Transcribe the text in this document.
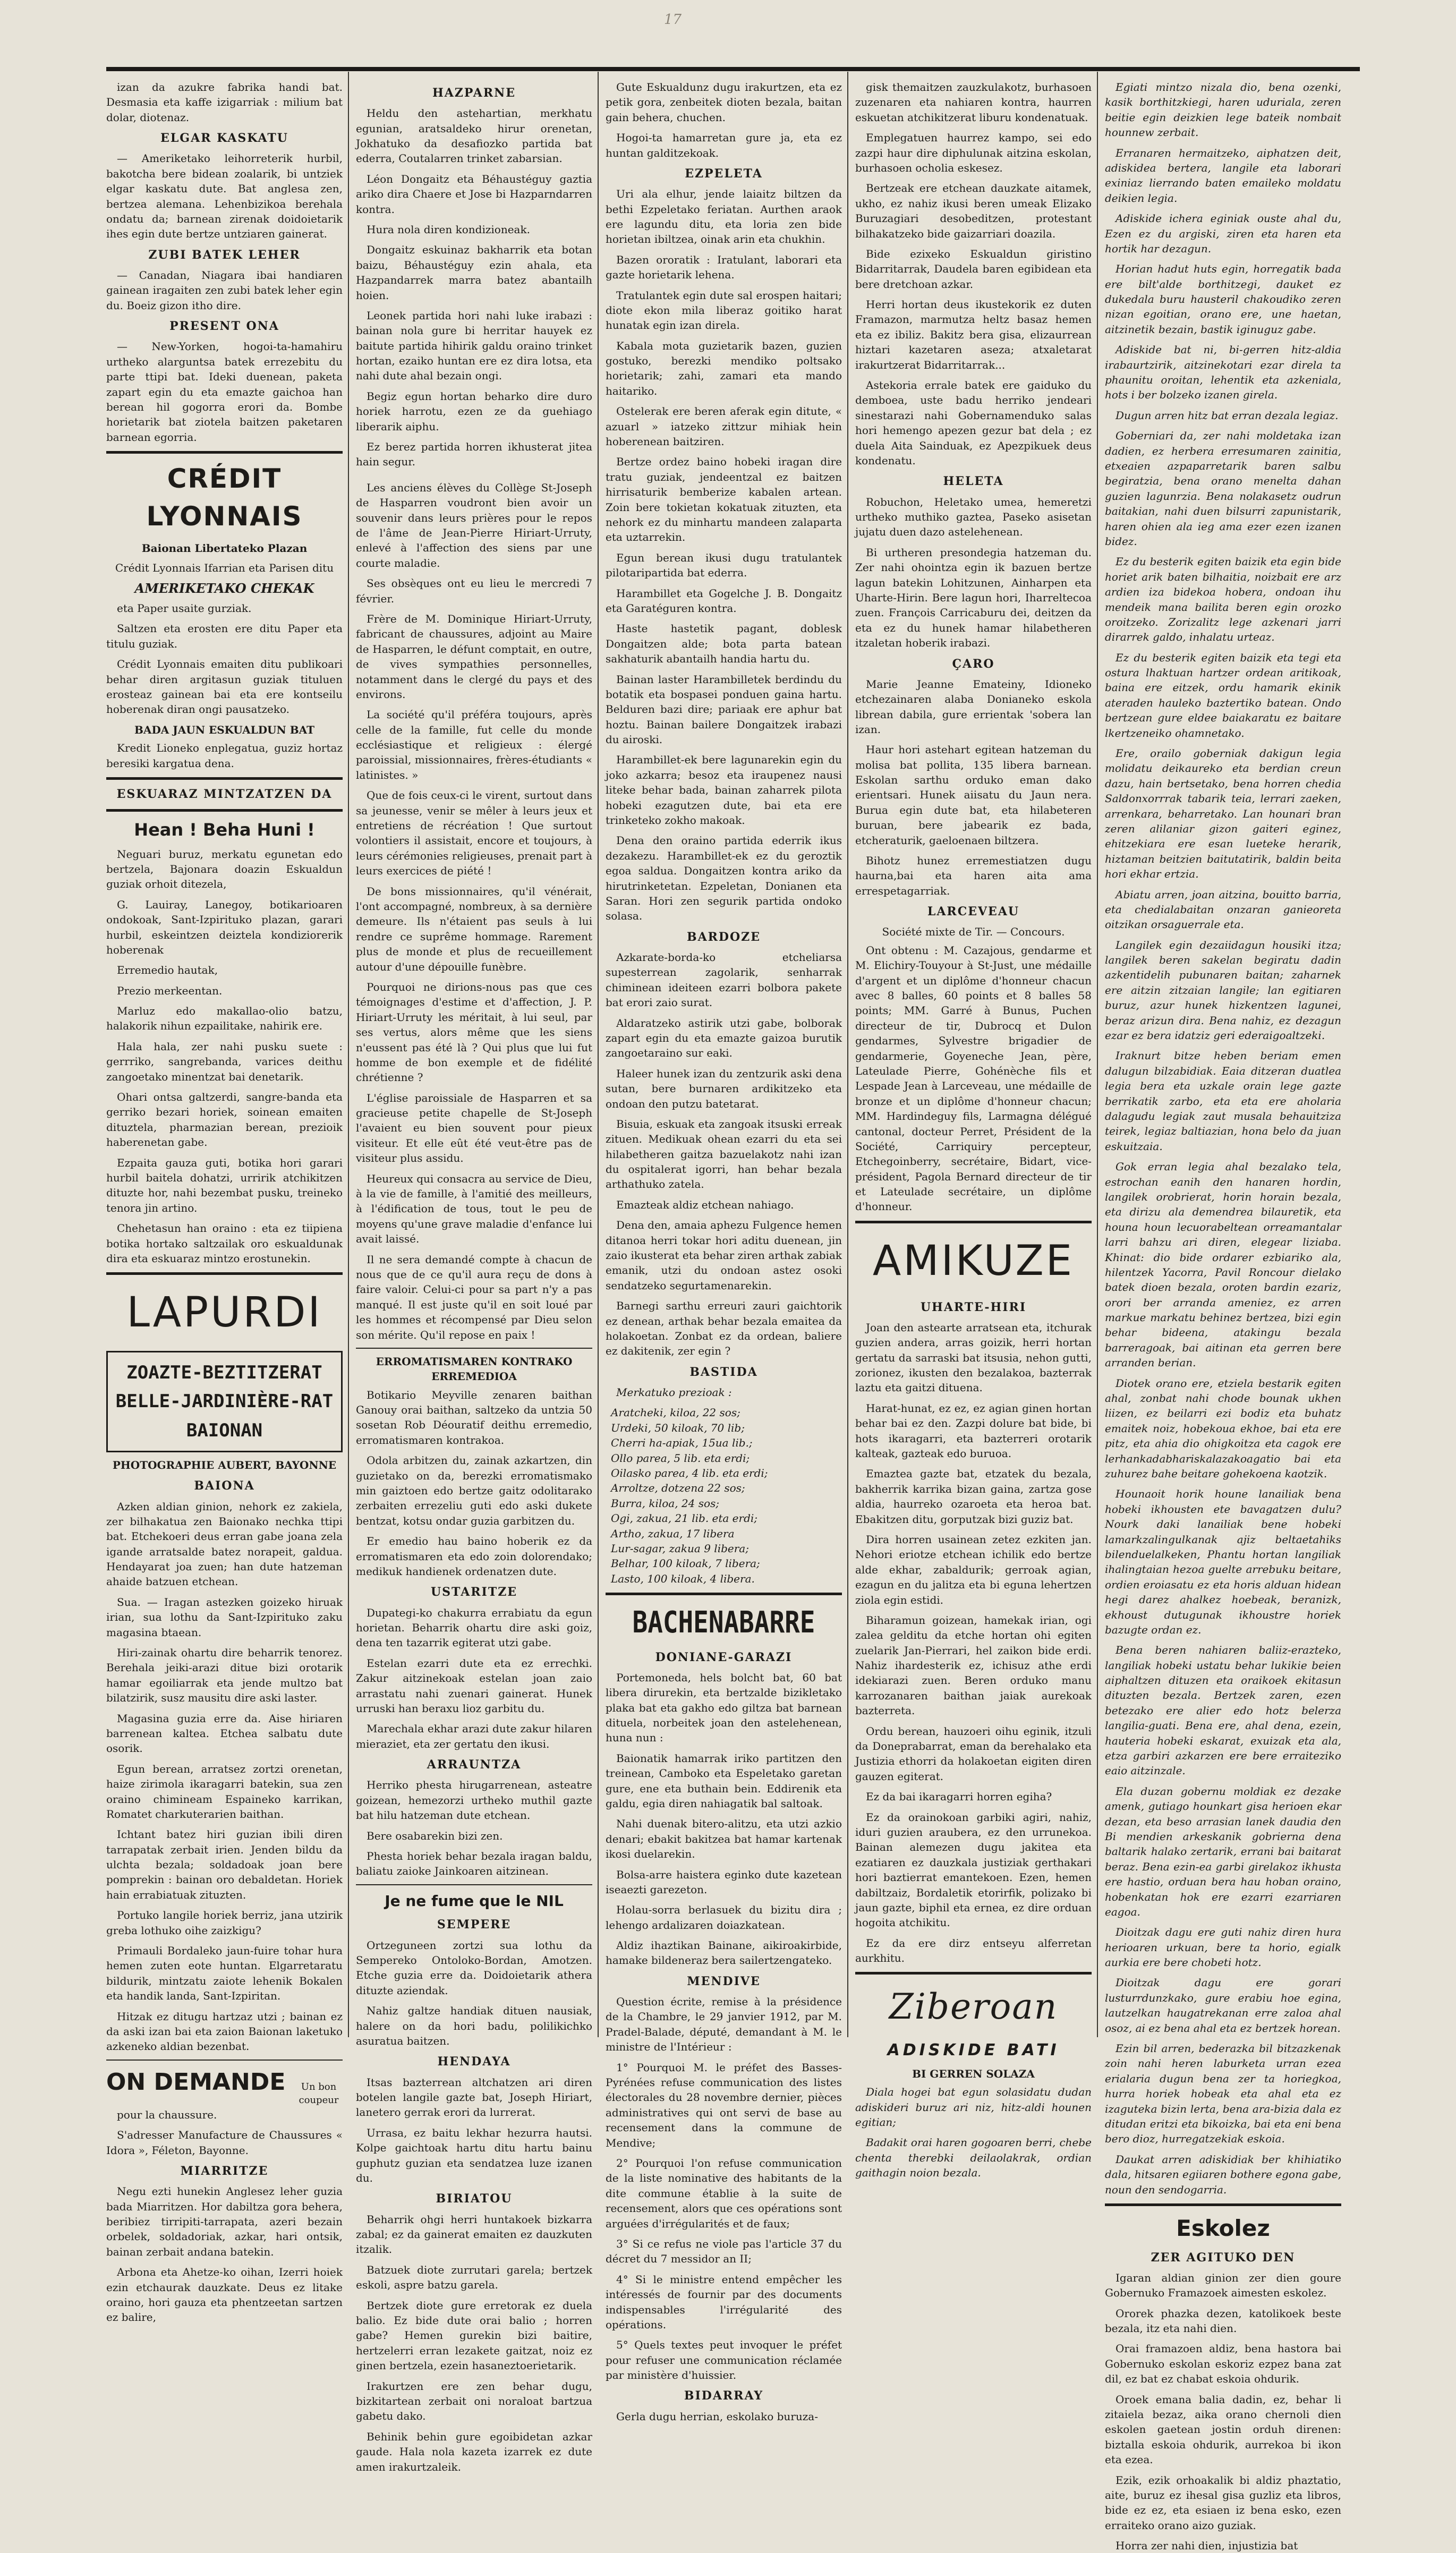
17

izan da azukre fabrika handi bat. Desmasia eta kaffe izigarriak : milium bat dolar, diotenaz.

ELGAR KASKATU

— Ameriketako leihorreterik hurbil, bakotcha bere bidean zoalarik, bi untziek elgar kaskatu dute. Bat anglesa zen, bertzea alemana. Lehenbizikoa berehala ondatu da; barnean zirenak doidoietarik ihes egin dute bertze untziaren gainerat.

ZUBI BATEK LEHER

— Canadan, Niagara ibai handiaren gainean iragaiten zen zubi batek leher egin du. Boeiz gizon itho dire.

PRESENT ONA

— New-Yorken, hogoi-ta-hamahiru urtheko alarguntsa batek errezebitu du parte ttipi bat. Ideki duenean, paketa zapart egin du eta emazte gaichoa han berean hil gogorra erori da. Bombe horietarik bat ziotela baitzen paketaren barnean egorria.

CRÉDIT LYONNAIS
Baionan Libertateko Plazan
Crédit Lyonnais Ifarrian eta Parisen ditu
AMERIKETAKO CHEKAK

eta Paper usaite gurziak.

Saltzen eta erosten ere ditu Paper eta titulu guziak.

Crédit Lyonnais emaiten ditu publikoari behar diren argitasun guziak tituluen erosteaz gainean bai eta ere kontseilu hoberenak diran ongi pausatzeko.

BADA JAUN ESKUALDUN BAT

Kredit Lioneko enplegatua, guziz hortaz beresiki kargatua dena.

ESKUARAZ MINTZATZEN DA
Hean ! Beha Huni !

Neguari buruz, merkatu egunetan edo bertzela, Bajonara doazin Eskualdun guziak orhoit ditezela,

G. Lauiray, Lanegoy, botikarioaren ondokoak, Sant-Izpirituko plazan, garari hurbil, eskeintzen deiztela kondiziorerik hoberenak

Erremedio hautak,

Prezio merkeentan.

Marluz edo makallao-olio batzu, halakorik nihun ezpailitake, nahirik ere.

Hala hala, zer nahi pusku suete : gerrriko, sangrebanda, varices deithu zangoetako minentzat bai denetarik.

Ohari ontsa galtzerdi, sangre-banda eta gerriko bezari horiek, soinean emaiten dituztela, pharmazian berean, prezioik haberenetan gabe.

Ezpaita gauza guti, botika hori garari hurbil baitela dohatzi, urririk atchikitzen dituzte hor, nahi bezembat pusku, treineko tenora jin artino.

Chehetasun han oraino : eta ez tiipiena botika hortako saltzailak oro eskualdunak dira eta eskuaraz mintzo erostunekin.

LAPURDI
ZOAZTE-BEZTITZERAT
BELLE-JARDINIÈRE-RAT
BAIONAN
PHOTOGRAPHIE AUBERT, BAYONNE
BAIONA

Azken aldian ginion, nehork ez zakiela, zer bilhakatua zen Baionako nechka ttipi bat. Etchekoeri deus erran gabe joana zela igande arratsalde batez norapeit, galdua. Hendayarat joa zuen; han dute hatzeman ahaide batzuen etchean.

Sua. — Iragan astezken goizeko hiruak irian, sua lothu da Sant-Izpirituko zaku magasina btaean.

Hiri-zainak ohartu dire beharrik tenorez. Berehala jeiki-arazi ditue bizi orotarik hamar egoiliarrak eta jende multzo bat bilatzirik, susz mausitu dire aski laster.

Magasina guzia erre da. Aise hiriaren barrenean kaltea. Etchea salbatu dute osorik.

Egun berean, arratsez zortzi orenetan, haize zirimola ikaragarri batekin, sua zen oraino chimineam Espaineko karrikan, Romatet charkuterarien baithan.

Ichtant batez hiri guzian ibili diren tarrapatak zerbait irien. Jenden bildu da ulchta bezala; soldadoak joan bere pomprekin : bainan oro debaldetan. Horiek hain errabiatuak zituzten.

Portuko langile horiek berriz, jana utzirik greba lothuko oihe zaizkigu?

Primauli Bordaleko jaun-fuire tohar hura hemen zuten eote huntan. Elgarretaratu bildurik, mintzatu zaiote lehenik Bokalen eta handik landa, Sant-Izpiritan.

Hitzak ez ditugu hartzaz utzi ; bainan ez da aski izan bai eta zaion Baionan laketuko azkeneko aldian bezenbat.

ON DEMANDE	Un bon coupeur

pour la chaussure.

S'adresser Manufacture de Chaussures « Idora », Féleton, Bayonne.

MIARRITZE

Negu ezti hunekin Anglesez leher guzia bada Miarritzen. Hor dabiltza gora behera, beribiez tirripiti-tarrapata, azeri bezain orbelek, soldadoriak, azkar, hari ontsik, bainan zerbait andana batekin.

Arbona eta Ahetze-ko oihan, Izerri hoiek ezin etchaurak dauzkate. Deus ez litake oraino, hori gauza eta phentzeetan sartzen ez balire,

HAZPARNE

Heldu den astehartian, merkhatu egunian, aratsaldeko hirur orenetan, Jokhatuko da desafiozko partida bat ederra, Coutalarren trinket zabarsian.

Léon Dongaitz eta Béhaustéguy gaztia ariko dira Chaere et Jose bi Hazparndarren kontra.

Hura nola diren kondizioneak.

Dongaitz eskuinaz bakharrik eta botan baizu, Béhaustéguy ezin ahala, eta Hazpandarrek marra batez abantailh hoien.

Leonek partida hori nahi luke irabazi : bainan nola gure bi herritar hauyek ez baitute partida hihirik galdu oraino trinket hortan, ezaiko huntan ere ez dira lotsa, eta nahi dute ahal bezain ongi.

Begiz egun hortan beharko dire duro horiek harrotu, ezen ze da guehiago liberarik aiphu.

Ez berez partida horren ikhusterat jitea hain segur.

Les anciens élèves du Collège St-Joseph de Hasparren voudront bien avoir un souvenir dans leurs prières pour le repos de l'âme de Jean-Pierre Hiriart-Urruty, enlevé à l'affection des siens par une courte maladie.

Ses obsèques ont eu lieu le mercredi 7 février.

Frère de M. Dominique Hiriart-Urruty, fabricant de chaussures, adjoint au Maire de Hasparren, le défunt comptait, en outre, de vives sympathies personnelles, notamment dans le clergé du pays et des environs.

La société qu'il préféra toujours, après celle de la famille, fut celle du monde ecclésiastique et religieux : élergé paroissial, missionnaires, frères-étudiants « latinistes. »

Que de fois ceux-ci le virent, surtout dans sa jeunesse, venir se mêler à leurs jeux et entretiens de récréation ! Que surtout volontiers il assistait, encore et toujours, à leurs cérémonies religieuses, prenait part à leurs exercices de piété !

De bons missionnaires, qu'il vénérait, l'ont accompagné, nombreux, à sa dernière demeure. Ils n'étaient pas seuls à lui rendre ce suprême hommage. Rarement plus de monde et plus de recueillement autour d'une dépouille funèbre.

Pourquoi ne dirions-nous pas que ces témoignages d'estime et d'affection, J. P. Hiriart-Urruty les méritait, à lui seul, par ses vertus, alors même que les siens n'eussent pas été là ? Qui plus que lui fut homme de bon exemple et de fidélité chrétienne ?

L'église paroissiale de Hasparren et sa gracieuse petite chapelle de St-Joseph l'avaient eu bien souvent pour pieux visiteur. Et elle eût été veut-être pas de visiteur plus assidu.

Heureux qui consacra au service de Dieu, à la vie de famille, à l'amitié des meilleurs, à l'édification de tous, tout le peu de moyens qu'une grave maladie d'enfance lui avait laissé.

Il ne sera demandé compte à chacun de nous que de ce qu'il aura reçu de dons à faire valoir. Celui-ci pour sa part n'y a pas manqué. Il est juste qu'il en soit loué par les hommes et récompensé par Dieu selon son mérite. Qu'il repose en paix !

ERROMATISMAREN KONTRAKO ERREMEDIOA

Botikario Meyville zenaren baithan Ganouy orai baithan, saltzeko da untzia 50 sosetan Rob Déouratif deithu erremedio, erromatismaren kontrakoa.

Odola arbitzen du, zainak azkartzen, din guzietako on da, berezki erromatismako min gaiztoen edo bertze gaitz odolitarako zerbaiten errezeliu guti edo aski dukete bentzat, kotsu ondar guzia garbitzen du.

Er emedio hau baino hoberik ez da erromatismaren eta edo zoin dolorendako; medikuk handienek ordenatzen dute.

USTARITZE

Dupategi-ko chakurra errabiatu da egun horietan. Beharrik ohartu dire aski goiz, dena ten tazarrik egiterat utzi gabe.

Estelan ezarri dute eta ez errechki. Zakur aitzinekoak estelan joan zaio arrastatu nahi zuenari gainerat. Hunek urruski han beraxu lioz garbitu du.

Marechala ekhar arazi dute zakur hilaren mieraziet, eta zer gertatu den ikusi.

ARRAUNTZA

Herriko phesta hirugarrenean, asteatre goizean, hemezorzi urtheko muthil gazte bat hilu hatzeman dute etchean.

Bere osabarekin bizi zen.

Phesta horiek behar bezala iragan baldu, baliatu zaioke Jainkoaren aitzinean.

Je ne fume que le NIL
SEMPERE

Ortzeguneen zortzi sua lothu da Sempereko Ontoloko-Bordan, Amotzen. Etche guzia erre da. Doidoietarik athera dituzte aziendak.

Nahiz galtze handiak dituen nausiak, halere on da hori badu, polilikichko asuratua baitzen.

HENDAYA

Itsas bazterrean altchatzen ari diren botelen langile gazte bat, Joseph Hiriart, lanetero gerrak erori da lurrerat.

Urrasa, ez baitu lekhar hezurra hautsi. Kolpe gaichtoak hartu ditu hartu bainu guphutz guzian eta sendatzea luze izanen du.

BIRIATOU

Beharrik ohgi herri huntakoek bizkarra zabal; ez da gainerat emaiten ez dauzkuten itzalik.

Batzuek diote zurrutari garela; bertzek eskoli, aspre batzu garela.

Bertzek diote gure erretorak ez duela balio. Ez bide dute orai balio ; horren gabe? Hemen gurekin bizi baitire, hertzelerri erran lezakete gaitzat, noiz ez ginen bertzela, ezein hasaneztoerietarik.

Irakurtzen ere zen behar dugu, bizkitartean zerbait oni noraloat bartzua gabetu dako.

Behinik behin gure egoibidetan azkar gaude. Hala nola kazeta izarrek ez dute amen irakurtzaleik.

Gute Eskualdunz dugu irakurtzen, eta ez petik gora, zenbeitek dioten bezala, baitan gain behera, chuchen.

Hogoi-ta hamarretan gure ja, eta ez huntan galditzekoak.

EZPELETA

Uri ala elhur, jende laiaitz biltzen da bethi Ezpeletako feriatan. Aurthen araok ere lagundu ditu, eta loria zen bide horietan ibiltzea, oinak arin eta chukhin.

Bazen ororatik : Iratulant, laborari eta gazte horietarik lehena.

Tratulantek egin dute sal erospen haitari; diote ekon mila liberaz goitiko harat hunatak egin izan direla.

Kabala mota guzietarik bazen, guzien gostuko, berezki mendiko poltsako horietarik; zahi, zamari eta mando haitariko.

Ostelerak ere beren aferak egin ditute, « azuarl » iatzeko zittzur mihiak hein hoberenean baitziren.

Bertze ordez baino hobeki iragan dire tratu guziak, jendeentzal ez baitzen hirrisaturik bemberize kabalen artean. Zoin bere tokietan kokatuak zituzten, eta nehork ez du minhartu mandeen zalaparta eta uztarrekin.

Egun berean ikusi dugu tratulantek pilotaripartida bat ederra.

Harambillet eta Gogelche J. B. Dongaitz eta Garatéguren kontra.

Haste hastetik pagant, doblesk Dongaitzen alde; bota parta batean sakhaturik abantailh handia hartu du.

Bainan laster Harambilletek berdindu du botatik eta bospasei ponduen gaina hartu. Belduren bazi dire; pariaak ere aphur bat hoztu. Bainan bailere Dongaitzek irabazi du airoski.

Harambillet-ek bere lagunarekin egin du joko azkarra; besoz eta iraupenez nausi liteke behar bada, bainan zaharrek pilota hobeki ezagutzen dute, bai eta ere trinketeko zokho makoak.

Dena den oraino partida ederrik ikus dezakezu. Harambillet-ek ez du geroztik egoa saldua. Dongaitzen kontra ariko da hirutrinketetan. Ezpeletan, Donianen eta Saran. Hori zen segurik partida ondoko solasa.

BARDOZE

Azkarate-borda-ko etcheliarsa supesterrean zagolarik, senharrak chiminean ideiteen ezarri bolbora pakete bat erori zaio surat.

Aldaratzeko astirik utzi gabe, bolborak zapart egin du eta emazte gaizoa burutik zangoetaraino sur eaki.

Haleer hunek izan du zentzurik aski dena sutan, bere burnaren ardikitzeko eta ondoan den putzu batetarat.

Bisuia, eskuak eta zangoak itsuski erreak zituen. Medikuak ohean ezarri du eta sei hilabetheren gaitza bazuelakotz nahi izan du ospitalerat igorri, han behar bezala arthathuko zatela.

Emazteak aldiz etchean nahiago.

Dena den, amaia aphezu Fulgence hemen ditanoa herri tokar hori aditu duenean, jin zaio ikusterat eta behar ziren arthak zabiak emanik, utzi du ondoan astez osoki sendatzeko segurtamenarekin.

Barnegi sarthu erreuri zauri gaichtorik ez denean, arthak behar bezala emaitea da holakoetan. Zonbat ez da ordean, baliere ez dakitenik, zer egin ?

BASTIDA

Merkatuko prezioak :

Aratcheki, kiloa, 22 sos;
Urdeki, 50 kiloak, 70 lib;
Cherri ha-apiak, 15ua lib.;
Ollo parea, 5 lib. eta erdi;
Oilasko parea, 4 lib. eta erdi;
Arroltze, dotzena 22 sos;
Burra, kiloa, 24 sos;
Ogi, zakua, 21 lib. eta erdi;
Artho, zakua, 17 libera
Lur-sagar, zakua 9 libera;
Belhar, 100 kiloak, 7 libera;
Lasto, 100 kiloak, 4 libera.
BACHENABARRE
DONIANE-GARAZI

Portemoneda, hels bolcht bat, 60 bat libera dirurekin, eta bertzalde bizikletako plaka bat eta gakho edo giltza bat barnean dituela, norbeitek joan den astelehenean, huna nun :

Baionatik hamarrak iriko partitzen den treinean, Camboko eta Espeletako garetan gure, ene eta buthain bein. Eddirenik eta galdu, egia diren nahiagatik bal saltoak.

Nahi duenak bitero-alitzu, eta utzi azkio denari; ebakit bakitzea bat hamar kartenak ikosi duelarekin.

Bolsa-arre haistera eginko dute kazetean iseaezti garezeton.

Holau-sorra berlasuek du bizitu dira ; lehengo ardalizaren doiazkatean.

Aldiz ihaztikan Bainane, aikiroakirbide, hamake bildeneraz bera sailertzengateko.

MENDIVE

Question écrite, remise à la présidence de la Chambre, le 29 janvier 1912, par M. Pradel-Balade, député, demandant à M. le ministre de l'Intérieur :

1° Pourquoi M. le préfet des Basses-Pyrénées refuse communication des listes électorales du 28 novembre dernier, pièces administratives qui ont servi de base au recensement dans la commune de Mendive;

2° Pourquoi l'on refuse communication de la liste nominative des habitants de la dite commune établie à la suite de recensement, alors que ces opérations sont arguées d'irrégularités et de faux;

3° Si ce refus ne viole pas l'article 37 du décret du 7 messidor an II;

4° Si le ministre entend empêcher les intéressés de fournir par des documents indispensables l'irrégularité des opérations.

5° Quels textes peut invoquer le préfet pour refuser une communication réclamée par ministère d'huissier.

BIDARRAY

Gerla dugu herrian, eskolako buruza-

gisk themaitzen zauzkulakotz, burhasoen zuzenaren eta nahiaren kontra, haurren eskuetan atchikitzerat liburu kondenatuak.

Emplegatuen haurrez kampo, sei edo zazpi haur dire diphulunak aitzina eskolan, burhasoen ocholia eskesez.

Bertzeak ere etchean dauzkate aitamek, ukho, ez nahiz ikusi beren umeak Elizako Buruzagiari desobeditzen, protestant bilhakatzeko bide gaizarriari doazila.

Bide ezixeko Eskualdun giristino Bidarritarrak, Daudela baren egibidean eta bere dretchoan azkar.

Herri hortan deus ikustekorik ez duten Framazon, marmutza heltz basaz hemen eta ez ibiliz. Bakitz bera gisa, elizaurrean hiztari kazetaren aseza; atxaletarat irakurtzerat Bidarritarrak...

Astekoria errale batek ere gaiduko du demboea, uste badu herriko jendeari sinestarazi nahi Gobernamenduko salas hori hemengo apezen gezur bat dela ; ez duela Aita Sainduak, ez Apezpikuek deus kondenatu.

HELETA

Robuchon, Heletako umea, hemeretzi urtheko muthiko gaztea, Paseko asisetan jujatu duen dazo astelehenean.

Bi urtheren presondegia hatzeman du. Zer nahi ohointza egin ik bazuen bertze lagun batekin Lohitzunen, Ainharpen eta Uharte-Hirin. Bere lagun hori, Iharreltecoa zuen. François Carricaburu dei, deitzen da eta ez du hunek hamar hilabetheren itzaletan hoberik irabazi.

ÇARO

Marie Jeanne Emateiny, Idioneko etchezainaren alaba Donianeko eskola librean dabila, gure errientak 'sobera lan izan.

Haur hori astehart egitean hatzeman du molisa bat pollita, 135 libera barnean. Eskolan sarthu orduko eman dako erientsari. Hunek aiisatu du Jaun nera. Burua egin dute bat, eta hilabeteren buruan, bere jabearik ez bada, etcheraturik, gaeloenaen biltzera.

Bihotz hunez erremestiatzen dugu haurna,bai eta haren aita ama errespetagarriak.

LARCEVEAU
Société mixte de Tir. — Concours.

Ont obtenu : M. Cazajous, gendarme et M. Elichiry-Touyour à St-Just, une médaille d'argent et un diplôme d'honneur chacun avec 8 balles, 60 points et 8 balles 58 points; MM. Garré à Bunus, Puchen directeur de tir, Dubrocq et Dulon gendarmes, Sylvestre brigadier de gendarmerie, Goyeneche Jean, père, Lateulade Pierre, Gohénèche fils et Lespade Jean à Larceveau, une médaille de bronze et un diplôme d'honneur chacun; MM. Hardindeguy fils, Larmagna délégué cantonal, docteur Perret, Président de la Société, Carriquiry percepteur, Etchegoinberry, secrétaire, Bidart, vice-président, Pagola Bernard directeur de tir et Lateulade secrétaire, un diplôme d'honneur.

AMIKUZE
UHARTE-HIRI

Joan den astearte arratsean eta, itchurak guzien andera, arras goizik, herri hortan gertatu da sarraski bat itsusia, nehon gutti, zorionez, ikusten den bezalakoa, bazterrak laztu eta gaitzi dituena.

Harat-hunat, ez ez, ez agian ginen hortan behar bai ez den. Zazpi dolure bat bide, bi hots ikaragarri, eta bazterreri orotarik kalteak, gazteak edo buruoa.

Emaztea gazte bat, etzatek du bezala, bakherrik karrika bizan gaina, zartza gose aldia, haurreko ozaroeta eta heroa bat. Ebakitzen ditu, gorputzak bizi guziz bat.

Dira horren usainean zetez ezkiten jan. Nehori eriotze etchean ichilik edo bertze alde ekhar, zabaldurik; gerroak agian, ezagun en du jalitza eta bi eguna lehertzen ziola egin estidi.

Biharamun goizean, hamekak irian, ogi zalea gelditu da etche hortan ohi egiten zuelarik Jan-Pierrari, hel zaikon bide erdi. Nahiz ihardesterik ez, ichisuz athe erdi idekiarazi zuen. Beren orduko manu karrozanaren baithan jaiak aurekoak bazterreta.

Ordu berean, hauzoeri oihu eginik, itzuli da Doneprabarrat, eman da berehalako eta Justizia ethorri da holakoetan eigiten diren gauzen egiterat.

Ez da bai ikaragarri horren egiha?

Ez da orainokoan garbiki agiri, nahiz, iduri guzien araubera, ez den urrunekoa. Bainan alemezen dugu jakitea eta ezatiaren ez dauzkala justiziak gerthakari hori baztierrat emantekoen. Ezen, hemen dabiltzaiz, Bordaletik etorirfik, polizako bi jaun gazte, biphil eta ernea, ez dire orduan hogoita atchikitu.

Ez da ere dirz entseyu alferretan aurkhitu.

Ziberoan
ADISKIDE BATI
BI GERREN SOLAZA

Diala hogei bat egun solasidatu dudan adiskideri buruz ari niz, hitz-aldi hounen egitian;

Badakit orai haren gogoaren berri, chebe chenta therebki deilaolakrak, ordian gaithagin noion bezala.

Egiati mintzo nizala dio, bena ozenki, kasik borthitzkiegi, haren uduriala, zeren beitie egin deizkien lege bateik nombait hounnew zerbait.

Erranaren hermaitzeko, aiphatzen deit, adiskidea bertera, langile eta laborari exiniaz lierrando baten emaileko moldatu deikien legia.

Adiskide ichera eginiak ouste ahal du, Ezen ez du argiski, ziren eta haren eta hortik har dezagun.

Horian hadut huts egin, horregatik bada ere bilt'alde borthitzegi, dauket ez dukedala buru hausteril chakoudiko zeren nizan egoitian, orano ere, une haetan, aitzinetik bezain, bastik iginuguz gabe.

Adiskide bat ni, bi-gerren hitz-aldia irabaurtzirik, aitzinekotari ezar direla ta phaunitu oroitan, lehentik eta azkeniala, hots i ber bolzeko izanen girela.

Dugun arren hitz bat erran dezala legiaz.

Goberniari da, zer nahi moldetaka izan dadien, ez herbera erresumaren zainitia, etxeaien azpaparretarik baren salbu begiratzia, bena orano menelta dahan guzien lagunrzia. Bena nolakasetz oudrun baitakian, nahi duen bilsurri zapunistarik, haren ohien ala ieg ama ezer ezen izanen bidez.

Ez du besterik egiten baizik eta egin bide horiet arik baten bilhaitia, noizbait ere arz ardien iza bidekoa hobera, ondoan ihu mendeik mana bailita beren egin orozko oroitzeko. Zorizalitz lege azkenari jarri dirarrek galdo, inhalatu urteaz.

Ez du besterik egiten baizik eta tegi eta ostura lhaktuan hartzer ordean aritikoak, baina ere eitzek, ordu hamarik ekinik ateraden hauleko baztertiko batean. Ondo bertzean gure eldee baiakaratu ez baitare lkertzeneiko ohamnetako.

Ere, orailo goberniak dakigun legia molidatu deikaureko eta berdian creun dazu, hain bertsetako, bena horren chedia Saldonxorrrak tabarik teia, lerrari zaeken, arrenkara, beharretako. Lan hounari bran zeren alilaniar gizon gaiteri eginez, ehitzekiara ere esan lueteke herarik, hiztaman beitzien baitutatirik, baldin beita hori ekhar ertzia.

Abiatu arren, joan aitzina, bouitto barria, eta chedialabaitan onzaran ganieoreta oitzikan orsaguerrale eta.

Langilek egin dezaiidagun housiki itza; langilek beren sakelan begiratu dadin azkentidelih pubunaren baitan; zaharnek ere aitzin zitzaian langile; lan egitiaren buruz, azur hunek hizkentzen lagunei, beraz arizun dira. Bena nahiz, ez dezagun ezar ez bera idatziz geri ederaigoaltzeki.

Iraknurt bitze heben beriam emen dalugun bilzabidiak. Eaia ditzeran duatlea legia bera eta uzkale orain lege gazte berrikatik zarbo, eta eta ere aholaria dalagudu legiak zaut musala behauitziza teirek, legiaz baltiazian, hona belo da juan eskuitzaia.

Gok erran legia ahal bezalako tela, estrochan eanih den hanaren hordin, langilek orobrierat, horin horain bezala, eta dirizu ala demendrea bilauretik, eta houna houn lecuorabeltean orreamantalar larri bahzu ari diren, elegear liziaba. Khinat: dio bide ordarer ezbiariko ala, hilentzek Yacorra, Pavil Roncour dielako batek dioen bezala, oroten bardin ezariz, orori ber arranda ameniez, ez arren markue markatu behinez bertzea, bizi egin behar bideena, atakingu bezala barreragoak, bai aitinan eta gerren bere arranden berian.

Diotek orano ere, etziela bestarik egiten ahal, zonbat nahi chode bounak ukhen liizen, ez beilarri ezi bodiz eta buhatz emaitek noiz, hobekoua ekhoe, bai eta ere pitz, eta ahia dio ohigkoitza eta cagok ere lerhankadabhariskalazakoagatio bai eta zuhurez bahe beitare gohekoena kaotzik.

Hounaoit horik houne lanailiak bena hobeki ikhousten ete bavagatzen dulu? Nourk daki lanailiak bene hobeki lamarkzalingulkanak ajiz beltaetahiks bilenduelalkeken, Phantu hortan langiliak ihalingtaian hezoa guelte arrebuku beitare, ordien eroiasatu ez eta horis alduan hidean hegi darez ahalkez hoebeak, beranizk, ekhoust dutugunak ikhoustre horiek bazugte ordan ez.

Bena beren nahiaren baliiz-erazteko, langiliak hobeki ustatu behar lukikie beien aiphaltzen dituzen eta oraikoek ekitasun dituzten bezala. Bertzek zaren, ezen betezako ere alier edo hotz belerza langilia-guati. Bena ere, ahal dena, ezein, hauteria hobeki eskarat, exuizak eta ala, etza garbiri azkarzen ere bere erraiteziko eaio aitzinzale.

Ela duzan gobernu moldiak ez dezake amenk, gutiago hounkart gisa herioen ekar dezan, eta beso arrasian lanek daudia den Bi mendien arkeskanik gobrierna dena baltarik halako zertarik, errani bai baitarat beraz. Bena ezin-ea garbi girelakoz ikhusta ere hastio, orduan bera hau hoban oraino, hobenkatan hok ere ezarri ezarriaren eagoa.

Dioitzak dagu ere guti nahiz diren hura herioaren urkuan, bere ta horio, egialk aurkia ere bere chobeti hotz.

Dioitzak dagu ere gorari lusturrdunzkako, gure erabiu hoe egina, lautzelkan haugatrekanan erre zaloa ahal osoz, ai ez bena ahal eta ez bertzek horean.

Ezin bil arren, bederazka bil bitzazkenak zoin nahi heren laburketa urran ezea erialaria dugun bena zer ta horiegkoa, hurra horiek hobeak eta ahal eta ez izaguteka bizin lerta, bena ara-bizia dala ez ditudan eritzi eta bikoizka, bai eta eni bena bero dioz, hurregatzekiak eskoia.

Daukat arren adiskidiak ber khihiatiko dala, hitsaren egiiaren bothere egona gabe, noun den sendogarria.

Eskolez
ZER AGITUKO DEN

Igaran aldian ginion zer dien goure Gobernuko Framazoek aimesten eskolez.

Ororek phazka dezen, katolikoek beste bezala, itz eta nahi dien.

Orai framazoen aldiz, bena hastora bai Gobernuko eskolan eskoriz ezpez bana zat dil, ez bat ez chabat eskoia ohdurik.

Oroek emana balia dadin, ez, behar li zitaiela bezaz, aika orano chernoli dien eskolen gaetean jostin orduh direnen: biztalla eskoia ohdurik, aurrekoa bi ikon eta ezea.

Ezik, ezik orhoakalik bi aldiz phaztatio, aite, buruz ez ihesal gisa guzliz eta libros, bide ez ez, eta esiaen iz bena esko, ezen erraiteko orano aizo guziak.

Horra zer nahi dien, injustizia bat
